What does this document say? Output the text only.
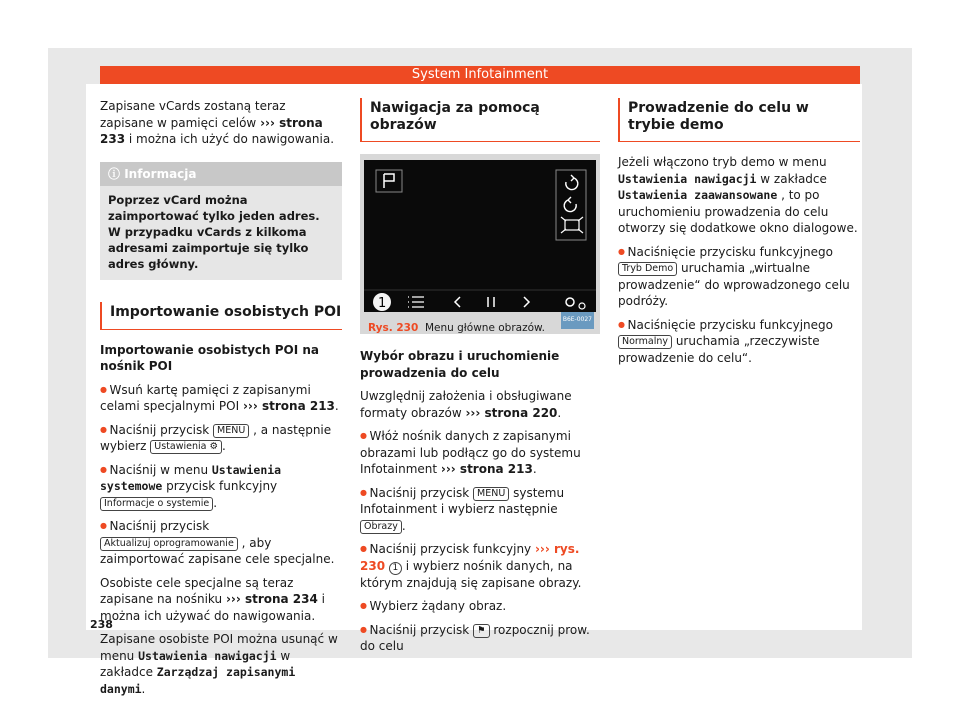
System Infotainment

Zapisane vCards zostaną teraz zapisane w pamięci celów ››› strona 233 i można ich użyć do nawigowania.

ⓘ Informacja
Poprzez vCard można zaimportować tylko jeden adres. W przypadku vCards z kilkoma adresami zaimportuje się tylko adres główny.
Importowanie osobistych POI

Importowanie osobistych POI na nośnik POI

● Wsuń kartę pamięci z zapisanymi celami specjalnymi POI ››› strona 213.

● Naciśnij przycisk MENU , a następnie wybierz Ustawienia ⚙ .

● Naciśnij w menu Ustawienia systemowe przycisk funkcyjny Informacje o systemie .

● Naciśnij przycisk Aktualizuj oprogramowanie , aby zaimportować zapisane cele specjalne.

Osobiste cele specjalne są teraz zapisane na nośniku ››› strona 234 i można ich używać do nawigowania.

Zapisane osobiste POI można usunąć w menu Ustawienia nawigacji w zakładce Zarządzaj zapisanymi danymi.

Nawigacja za pomocą obrazów
1
B6E-0027
Rys. 230 Menu główne obrazów.

Wybór obrazu i uruchomienie prowadzenia do celu

Uwzględnij założenia i obsługiwane formaty obrazów ››› strona 220.

● Włóż nośnik danych z zapisanymi obrazami lub podłącz go do systemu Infotainment ››› strona 213.

● Naciśnij przycisk MENU systemu Infotainment i wybierz następnie Obrazy .

● Naciśnij przycisk funkcyjny ››› rys. 230 1 i wybierz nośnik danych, na którym znajdują się zapisane obrazy.

● Wybierz żądany obraz.

● Naciśnij przycisk ⚑ rozpocznij prow. do celu

Prowadzenie do celu w trybie demo

Jeżeli włączono tryb demo w menu Ustawienia nawigacji w zakładce Ustawienia zaawansowane , to po uruchomieniu prowadzenia do celu otworzy się dodatkowe okno dialogowe.

● Naciśnięcie przycisku funkcyjnego Tryb Demo uruchamia „wirtualne prowadzenie“ do wprowadzonego celu podróży.

● Naciśnięcie przycisku funkcyjnego Normalny uruchamia „rzeczywiste prowadzenie do celu“.

238
